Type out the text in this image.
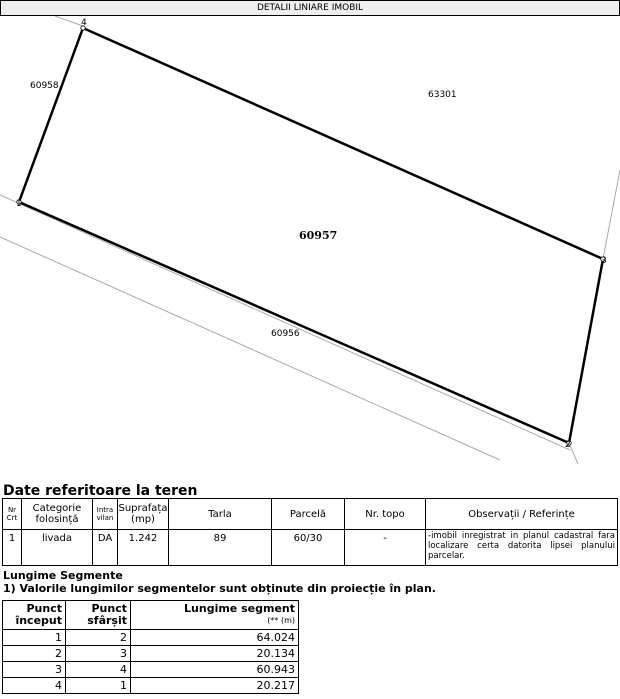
DETALII LINIARE IMOBIL
1
2
3
4
60957
60958
63301
60956
Date referitoare la teren
Nr Crt	Categorie folosință	Intra vilan	Suprafața (mp)	Tarla	Parcelă	Nr. topo	Observații / Referințe
1	livada	DA	1.242	89	60/30	-	-imobil inregistrat in planul cadastral fara localizare certa datorita lipsei planului parcelar.
Lungime Segmente
1) Valorile lungimilor segmentelor sunt obținute din proiecție în plan.
Punct început	Punct sfârșit	Lungime segment
(** (m)

1	2	64.024
2	3	20.134
3	4	60.943
4	1	20.217
